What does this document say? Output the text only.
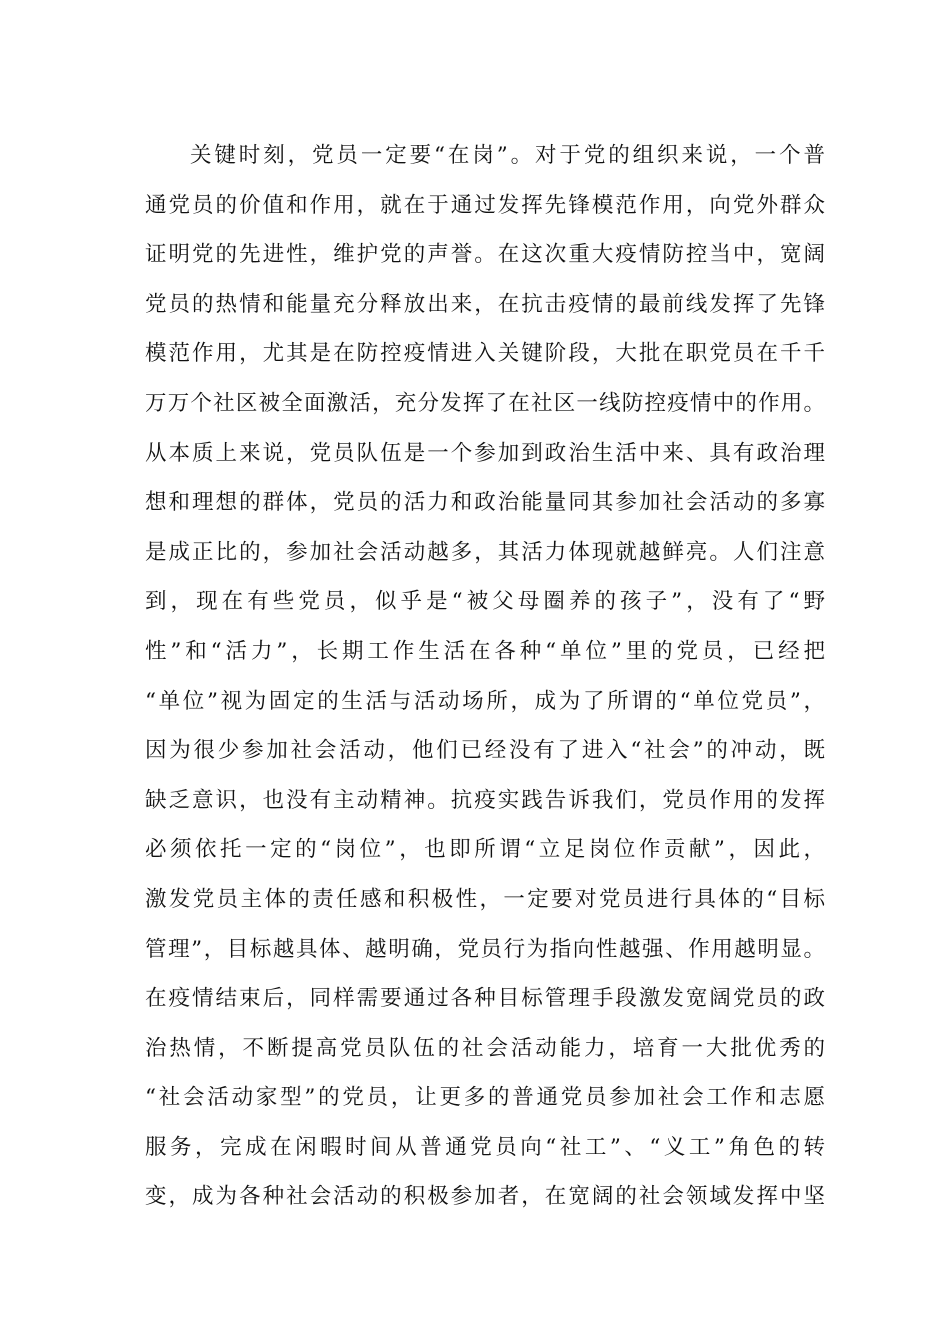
关键时刻，党员一定要“在岗”。对于党的组织来说，一个普
通党员的价值和作用，就在于通过发挥先锋模范作用，向党外群众
证明党的先进性，维护党的声誉。在这次重大疫情防控当中，宽阔
党员的热情和能量充分释放出来，在抗击疫情的最前线发挥了先锋
模范作用，尤其是在防控疫情进入关键阶段，大批在职党员在千千
万万个社区被全面激活，充分发挥了在社区一线防控疫情中的作用。
从本质上来说，党员队伍是一个参加到政治生活中来、具有政治理
想和理想的群体，党员的活力和政治能量同其参加社会活动的多寡
是成正比的，参加社会活动越多，其活力体现就越鲜亮。人们注意
到，现在有些党员，似乎是“被父母圈养的孩子”，没有了“野
性”和“活力”，长期工作生活在各种“单位”里的党员，已经把
“单位”视为固定的生活与活动场所，成为了所谓的“单位党员”，
因为很少参加社会活动，他们已经没有了进入“社会”的冲动，既
缺乏意识，也没有主动精神。抗疫实践告诉我们，党员作用的发挥
必须依托一定的“岗位”，也即所谓“立足岗位作贡献”，因此，
激发党员主体的责任感和积极性，一定要对党员进行具体的“目标
管理”，目标越具体、越明确，党员行为指向性越强、作用越明显。
在疫情结束后，同样需要通过各种目标管理手段激发宽阔党员的政
治热情，不断提高党员队伍的社会活动能力，培育一大批优秀的
“社会活动家型”的党员，让更多的普通党员参加社会工作和志愿
服务，完成在闲暇时间从普通党员向“社工”、“义工”角色的转
变，成为各种社会活动的积极参加者，在宽阔的社会领域发挥中坚
